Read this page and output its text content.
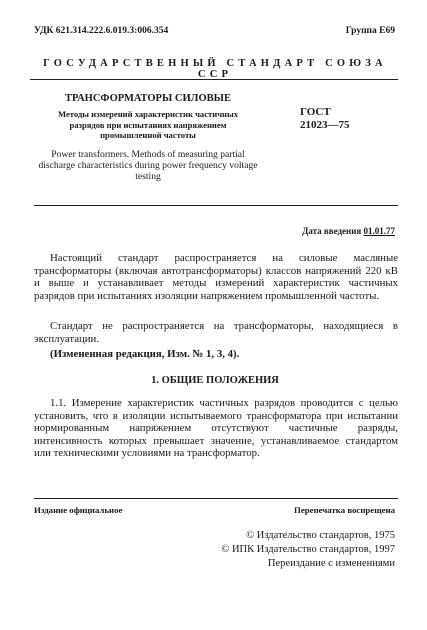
УДК 621.314.222.6.019.3:006.354	Группа Е69
ГОСУДАРСТВЕННЫЙ СТАНДАРТ СОЮЗА ССР
ТРАНСФОРМАТОРЫ СИЛОВЫЕ
Методы измерений характеристик частичных разрядов при испытаниях напряжением промышленной частоты
Power transformers. Methods of measuring partial discharge characteristics during power frequency voltage testing
ГОСТ
21023—75
Дата введения 01.01.77
Настоящий стандарт распространяется на силовые масляные трансформаторы (включая автотрансформаторы) классов напряжений 220 кВ и выше и устанавливает методы измерений характеристик частичных разрядов при испытаниях изоляции напряжением промышленной частоты.
Стандарт не распространяется на трансформаторы, находящиеся в эксплуатации.
(Измененная редакция, Изм. № 1, 3, 4).
1. ОБЩИЕ ПОЛОЖЕНИЯ
1.1. Измерение характеристик частичных разрядов проводится с целью установить, что в изоляции испытываемого трансформатора при испытании нормированным напряжением отсутствуют частичные разряды, интенсивность которых превышает значение, устанавливаемое стандартом или техническими условиями на трансформатор.
Издание официальное	Перепечатка воспрещена
© Издательство стандартов, 1975
© ИПК Издательство стандартов, 1997
Переиздание с изменениями
